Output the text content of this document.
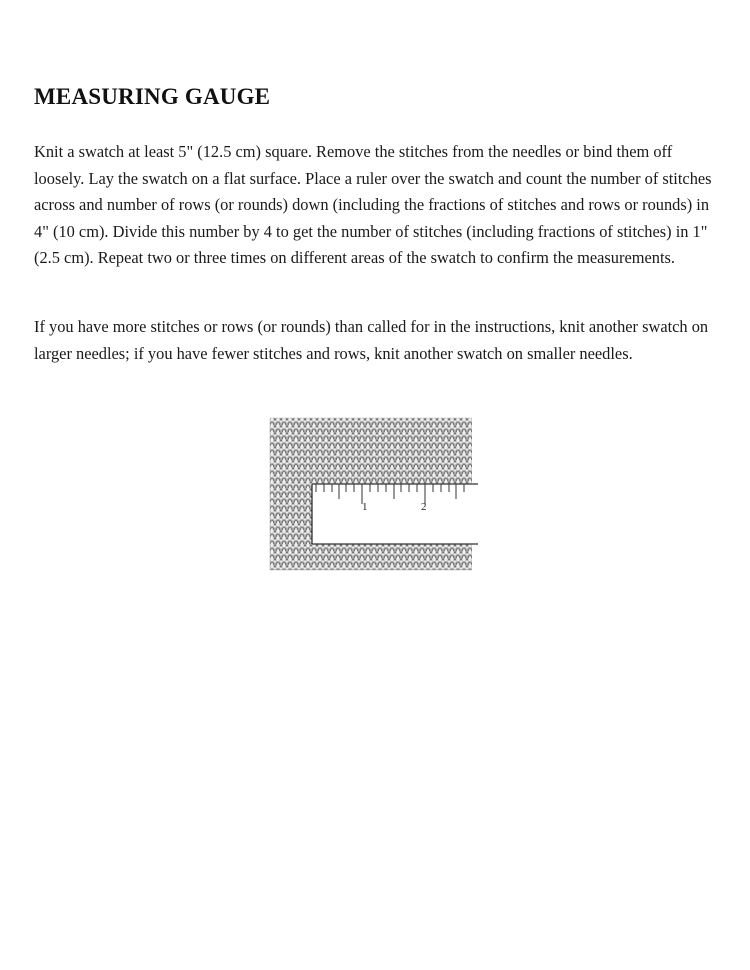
MEASURING GAUGE

Knit a swatch at least 5" (12.5 cm) square. Remove the stitches from the needles or bind them off loosely. Lay the swatch on a flat surface. Place a ruler over the swatch and count the number of stitches across and number of rows (or rounds) down (including the fractions of stitches and rows or rounds) in 4" (10 cm). Divide this number by 4 to get the number of stitches (including fractions of stitches) in 1" (2.5 cm). Repeat two or three times on different areas of the swatch to confirm the measurements.

If you have more stitches or rows (or rounds) than called for in the instructions, knit another swatch on larger needles; if you have fewer stitches and rows, knit another swatch on smaller needles.

1	2
